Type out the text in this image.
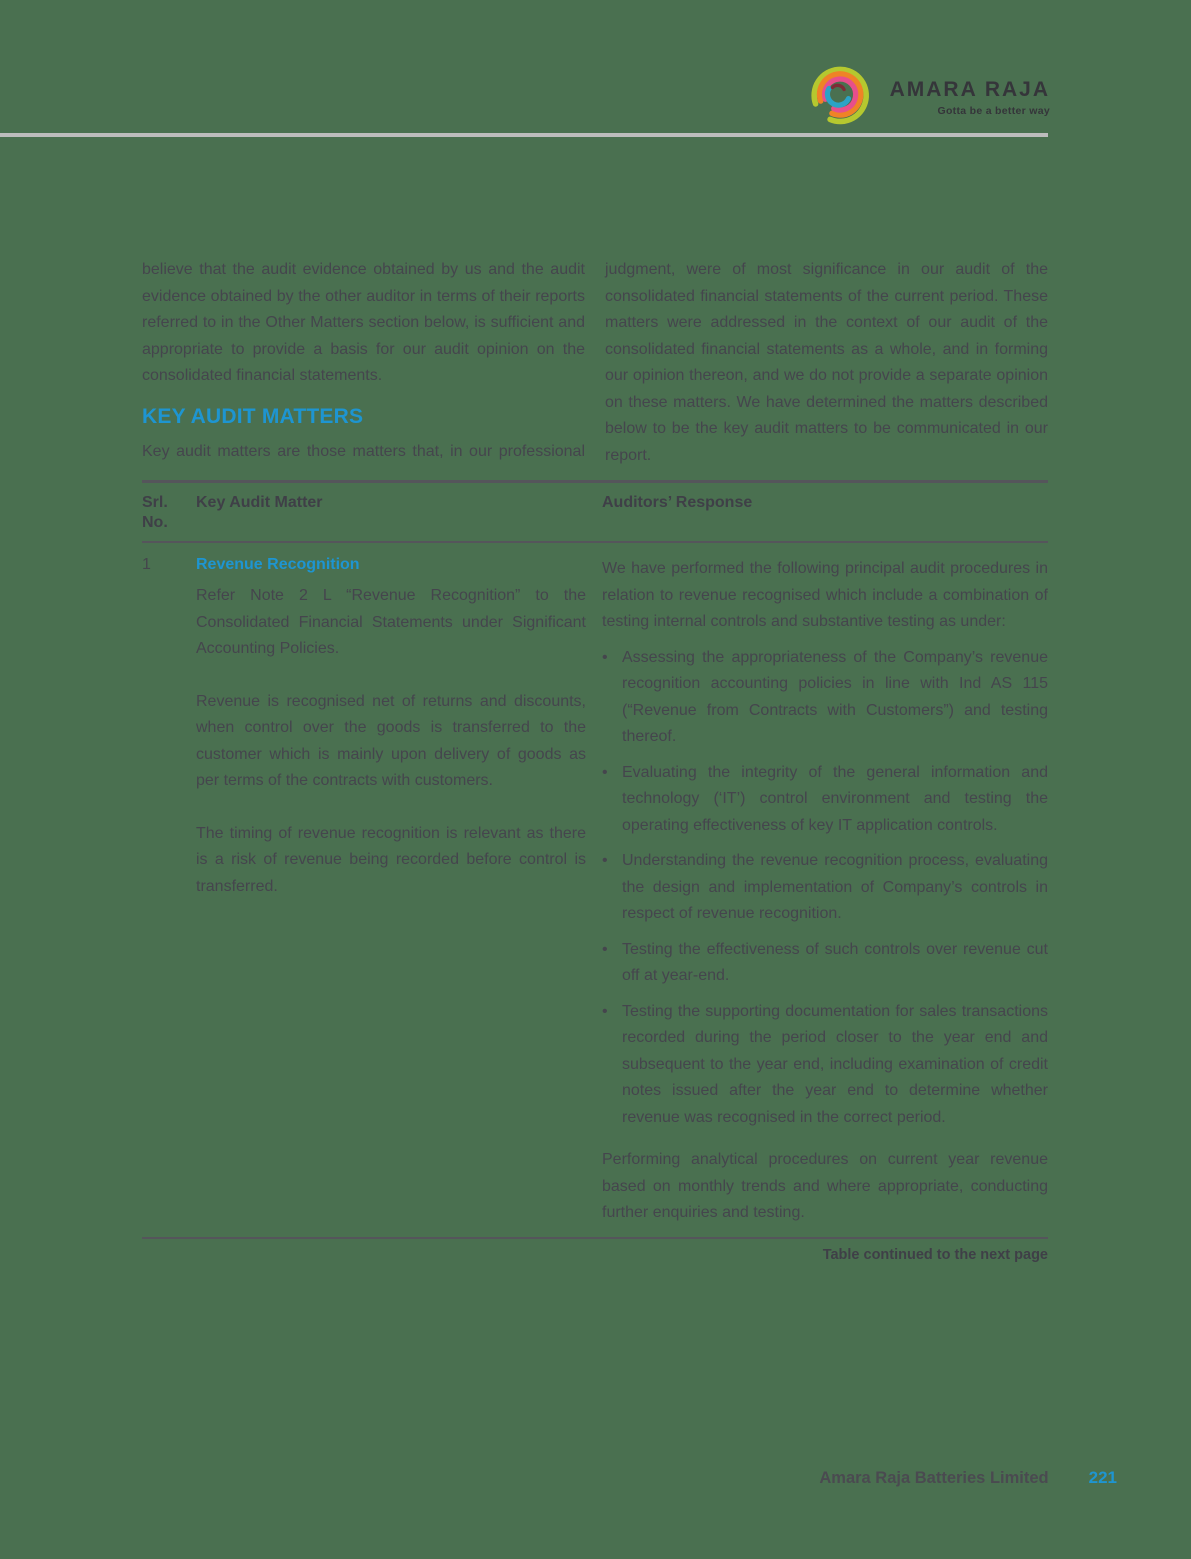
AMARA RAJA
Gotta be a better way

believe that the audit evidence obtained by us and the audit evidence obtained by the other auditor in terms of their reports referred to in the Other Matters section below, is sufficient and appropriate to provide a basis for our audit opinion on the consolidated financial statements.

KEY AUDIT MATTERS

Key audit matters are those matters that, in our professional

judgment, were of most significance in our audit of the consolidated financial statements of the current period. These matters were addressed in the context of our audit of the consolidated financial statements as a whole, and in forming our opinion thereon, and we do not provide a separate opinion on these matters. We have determined the matters described below to be the key audit matters to be communicated in our report.

Srl. No.
Key Audit Matter	Auditors’ Response
1	Revenue Recognition

Refer Note 2 L “Revenue Recognition” to the Consolidated Financial Statements under Significant Accounting Policies.

Revenue is recognised net of returns and discounts, when control over the goods is transferred to the customer which is mainly upon delivery of goods as per terms of the contracts with customers.

The timing of revenue recognition is relevant as there is a risk of revenue being recorded before control is transferred.

We have performed the following principal audit procedures in relation to revenue recognised which include a combination of testing internal controls and substantive testing as under:

• Assessing the appropriateness of the Company’s revenue recognition accounting policies in line with Ind AS 115 (“Revenue from Contracts with Customers”) and testing thereof.

• Evaluating the integrity of the general information and technology (‘IT’) control environment and testing the operating effectiveness of key IT application controls.

• Understanding the revenue recognition process, evaluating the design and implementation of Company’s controls in respect of revenue recognition.

• Testing the effectiveness of such controls over revenue cut off at year-end.

• Testing the supporting documentation for sales transactions recorded during the period closer to the year end and subsequent to the year end, including examination of credit notes issued after the year end to determine whether revenue was recognised in the correct period.

Performing analytical procedures on current year revenue based on monthly trends and where appropriate, conducting further enquiries and testing.

Table continued to the next page
Amara Raja Batteries Limited 221
